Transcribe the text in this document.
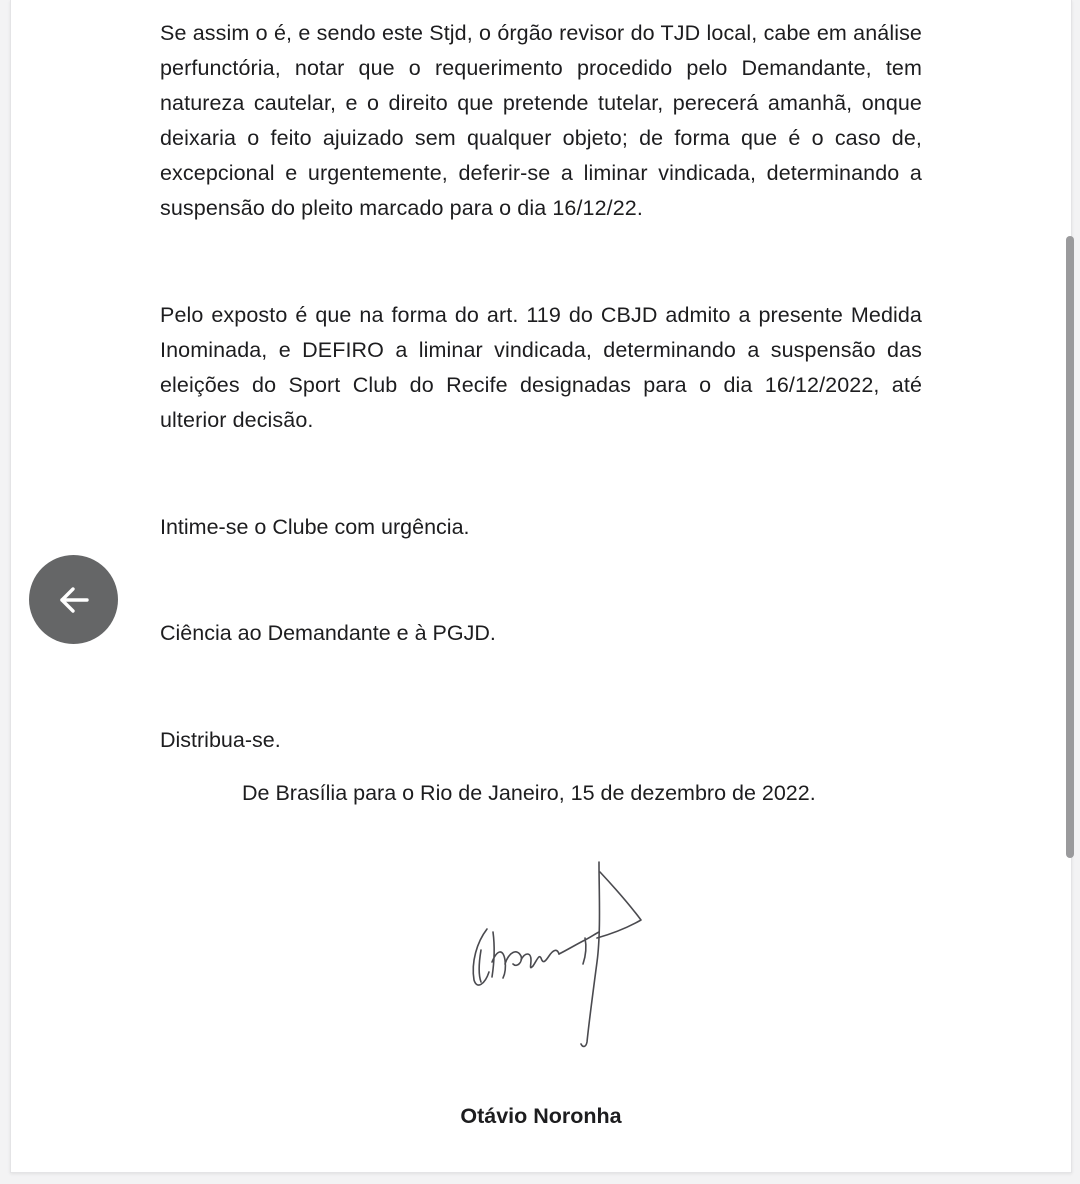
Se assim o é, e sendo este Stjd, o órgão revisor do TJD local, cabe em análise perfunctória, notar que o requerimento procedido pelo Demandante, tem natureza cautelar, e o direito que pretende tutelar, perecerá amanhã, onque deixaria o feito ajuizado sem qualquer objeto; de forma que é o caso de, excepcional e urgentemente, deferir-se a liminar vindicada, determinando a suspensão do pleito marcado para o dia 16/12/22.

Pelo exposto é que na forma do art. 119 do CBJD admito a presente Medida Inominada, e DEFIRO a liminar vindicada, determinando a suspensão das eleições do Sport Club do Recife designadas para o dia 16/12/2022, até ulterior decisão.

Intime-se o Clube com urgência.

Ciência ao Demandante e à PGJD.

Distribua-se.

De Brasília para o Rio de Janeiro, 15 de dezembro de 2022.
Otávio Noronha
